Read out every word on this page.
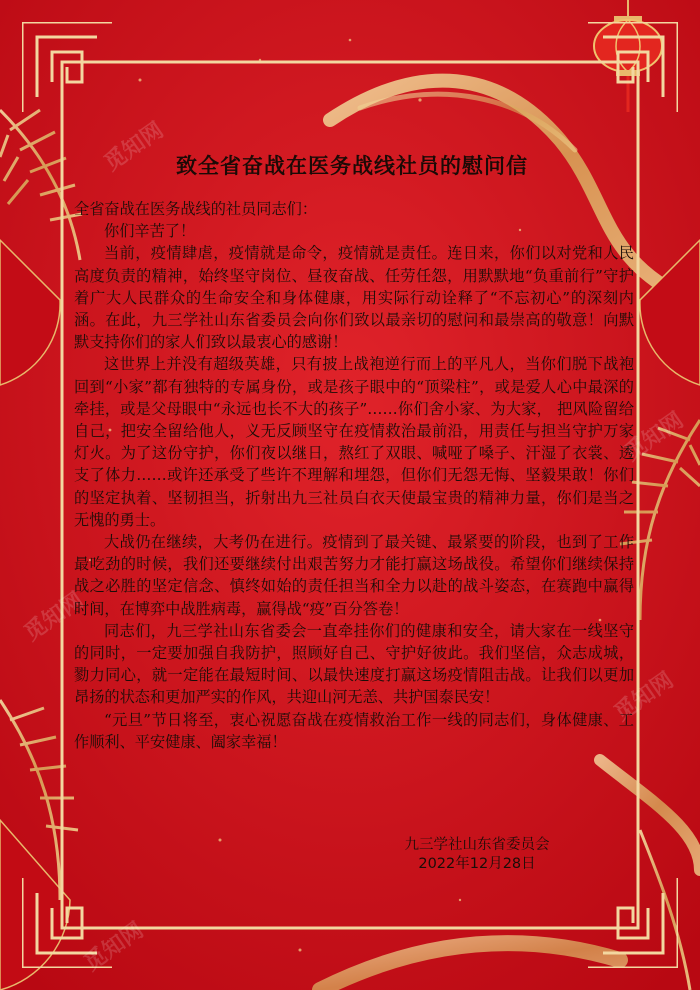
觅知网
觅知网
觅知网
觅知网
觅知网
致全省奋战在医务战线社员的慰问信

全省奋战在医务战线的社员同志们：

你们辛苦了！

当前，疫情肆虐，疫情就是命令，疫情就是责任。连日来，你们以对党和人民高度负责的精神，始终坚守岗位、昼夜奋战、任劳任怨，用默默地“负重前行”守护着广大人民群众的生命安全和身体健康，用实际行动诠释了“不忘初心”的深刻内涵。在此，九三学社山东省委员会向你们致以最亲切的慰问和最崇高的敬意！向默默支持你们的家人们致以最衷心的感谢！

这世界上并没有超级英雄，只有披上战袍逆行而上的平凡人，当你们脱下战袍回到“小家”都有独特的专属身份，或是孩子眼中的“顶梁柱”，或是爱人心中最深的牵挂，或是父母眼中“永远也长不大的孩子”……你们舍小家、为大家， 把风险留给自己，把安全留给他人，义无反顾坚守在疫情救治最前沿，用责任与担当守护万家灯火。为了这份守护，你们夜以继日，熬红了双眼、喊哑了嗓子、汗湿了衣裳、透支了体力……或许还承受了些许不理解和埋怨，但你们无怨无悔、坚毅果敢！你们的坚定执着、坚韧担当，折射出九三社员白衣天使最宝贵的精神力量，你们是当之无愧的勇士。

大战仍在继续，大考仍在进行。疫情到了最关键、最紧要的阶段，也到了工作最吃劲的时候，我们还要继续付出艰苦努力才能打赢这场战役。希望你们继续保持战之必胜的坚定信念、慎终如始的责任担当和全力以赴的战斗姿态，在赛跑中赢得时间，在博弈中战胜病毒，赢得战“疫”百分答卷！

同志们，九三学社山东省委会一直牵挂你们的健康和安全，请大家在一线坚守的同时，一定要加强自我防护，照顾好自己、守护好彼此。我们坚信，众志成城，勠力同心，就一定能在最短时间、以最快速度打赢这场疫情阻击战。让我们以更加昂扬的状态和更加严实的作风，共迎山河无恙、共护国泰民安！

“元旦”节日将至，衷心祝愿奋战在疫情救治工作一线的同志们，身体健康、工作顺利、平安健康、阖家幸福！

九三学社山东省委员会
2022年12月28日
